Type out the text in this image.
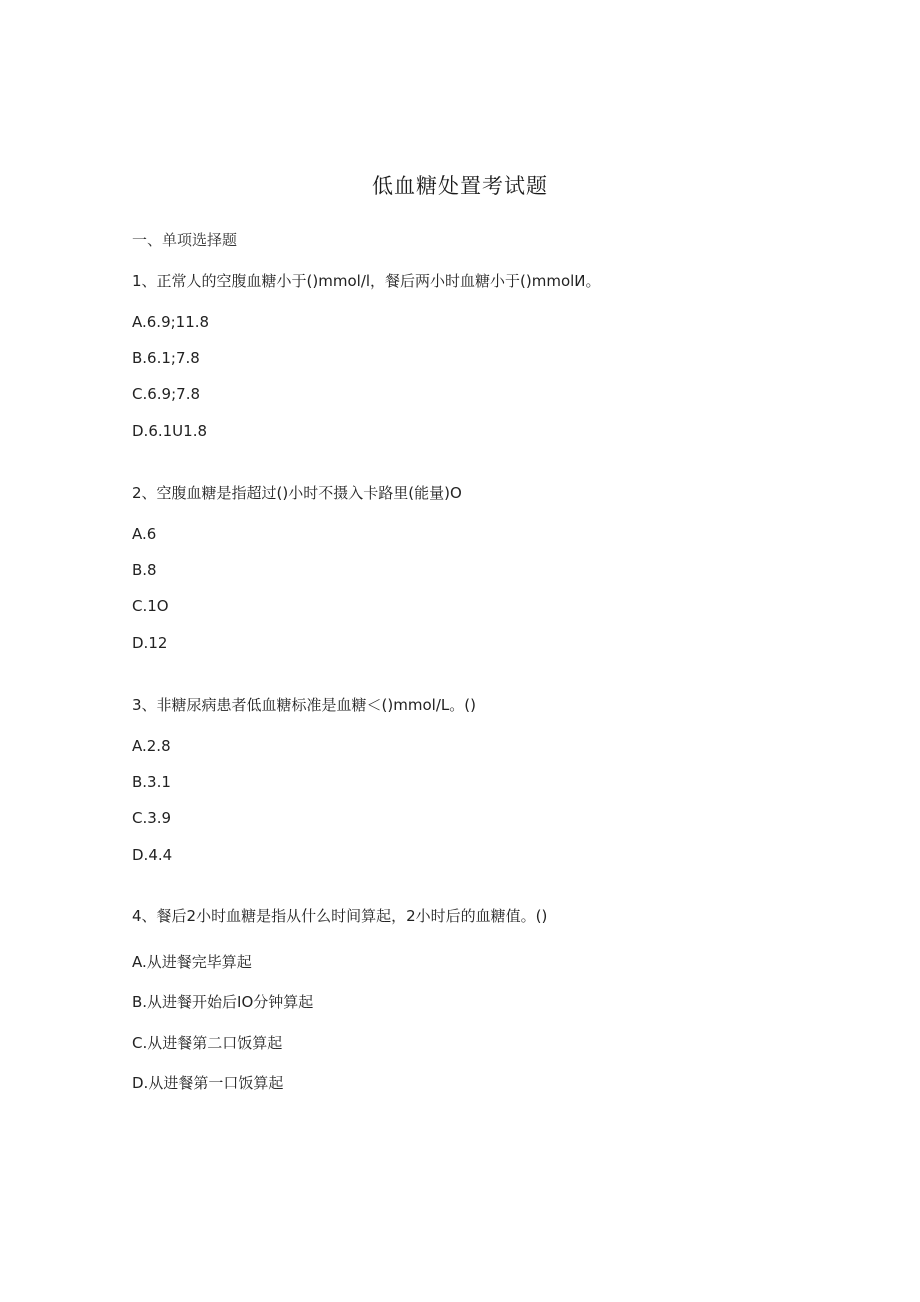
低血糖处置考试题
一、单项选择题
1、正常人的空腹血糖小于()mmol/l，餐后两小时血糖小于()mmolИ。
A.6.9;11.8
B.6.1;7.8
C.6.9;7.8
D.6.1U1.8
2、空腹血糖是指超过()小时不摄入卡路里(能量)O
A.6
B.8
C.1O
D.12
3、非糖尿病患者低血糖标准是血糖＜()mmol/L。()
A.2.8
B.3.1
C.3.9
D.4.4
4、餐后2小时血糖是指从什么时间算起，2小时后的血糖值。()
A.从进餐完毕算起
B.从进餐开始后IO分钟算起
C.从进餐第二口饭算起
D.从进餐第一口饭算起
